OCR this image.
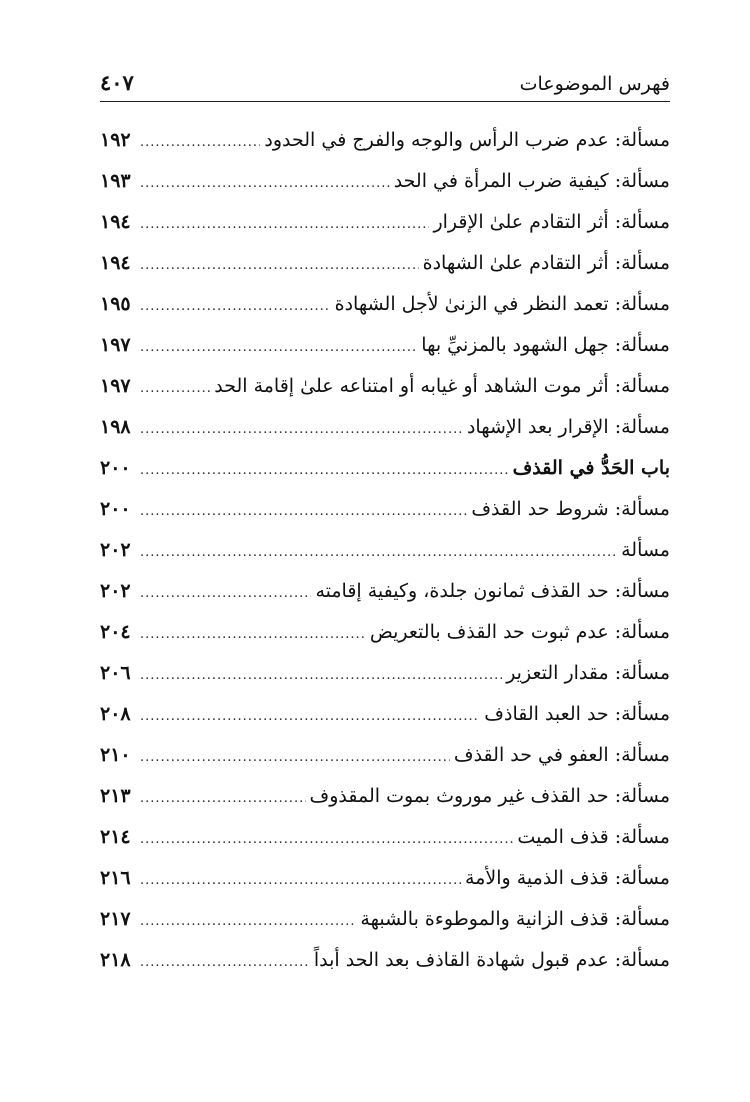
٤٠٧	فهرس الموضوعات
مسألة: عدم ضرب الرأس والوجه والفرج في الحدود
.....
١٩٢
مسألة: كيفية ضرب المرأة في الحد
.....
١٩٣
مسألة: أثر التقادم علىٰ الإقرار
.....
١٩٤
مسألة: أثر التقادم علىٰ الشهادة
.....
١٩٤
مسألة: تعمد النظر في الزنىٰ لأجل الشهادة
.....
١٩٥
مسألة: جهل الشهود بالمزنيِّ بها
.....
١٩٧
مسألة: أثر موت الشاهد أو غيابه أو امتناعه علىٰ إقامة الحد
.....
١٩٧
مسألة: الإقرار بعد الإشهاد
.....
١٩٨
باب الحَدُّ في القذف
.....
٢٠٠
مسألة: شروط حد القذف
.....
٢٠٠
مسألة
.....
٢٠٢
مسألة: حد القذف ثمانون جلدة، وكيفية إقامته
.....
٢٠٢
مسألة: عدم ثبوت حد القذف بالتعريض
.....
٢٠٤
مسألة: مقدار التعزير
.....
٢٠٦
مسألة: حد العبد القاذف
.....
٢٠٨
مسألة: العفو في حد القذف
.....
٢١٠
مسألة: حد القذف غير موروث بموت المقذوف
.....
٢١٣
مسألة: قذف الميت
.....
٢١٤
مسألة: قذف الذمية والأمة
.....
٢١٦
مسألة: قذف الزانية والموطوءة بالشبهة
.....
٢١٧
مسألة: عدم قبول شهادة القاذف بعد الحد أبداً
.....
٢١٨
